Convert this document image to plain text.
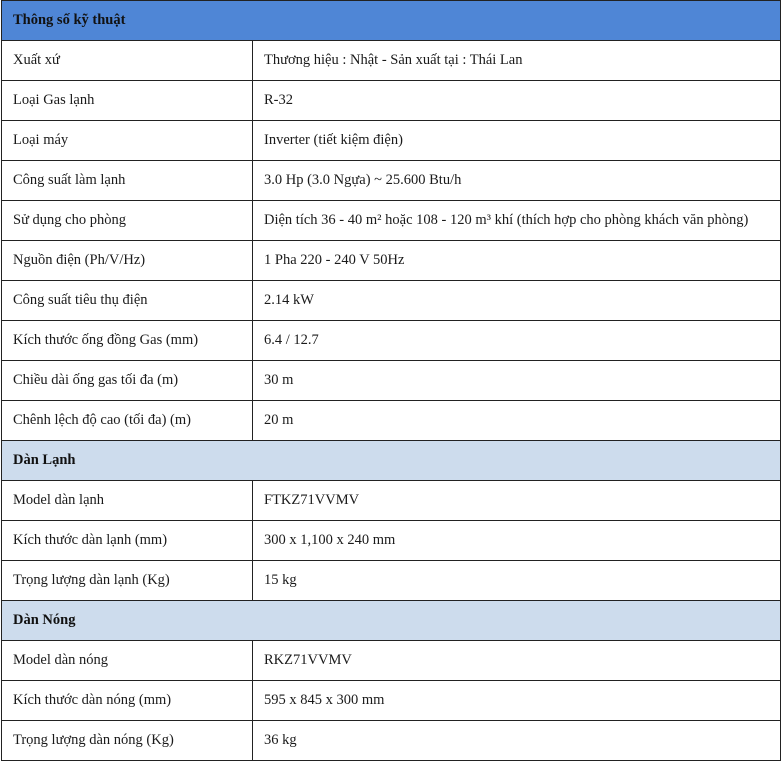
Thông số kỹ thuật	
Xuất xứ	Thương hiệu : Nhật - Sản xuất tại : Thái Lan
Loại Gas lạnh	R-32
Loại máy	Inverter (tiết kiệm điện)
Công suất làm lạnh	3.0 Hp (3.0 Ngựa) ~ 25.600 Btu/h
Sử dụng cho phòng	Diện tích 36 - 40 m² hoặc 108 - 120 m³ khí (thích hợp cho phòng khách văn phòng)
Nguồn điện (Ph/V/Hz)	1 Pha 220 - 240 V 50Hz
Công suất tiêu thụ điện	2.14 kW
Kích thước ống đồng Gas (mm)	6.4 / 12.7
Chiều dài ống gas tối đa (m)	30 m
Chênh lệch độ cao (tối đa) (m)	20 m
Dàn Lạnh	
Model dàn lạnh	FTKZ71VVMV
Kích thước dàn lạnh (mm)	300 x 1,100 x 240 mm
Trọng lượng dàn lạnh (Kg)	15 kg
Dàn Nóng	
Model dàn nóng	RKZ71VVMV
Kích thước dàn nóng (mm)	595 x 845 x 300 mm
Trọng lượng dàn nóng (Kg)	36 kg
